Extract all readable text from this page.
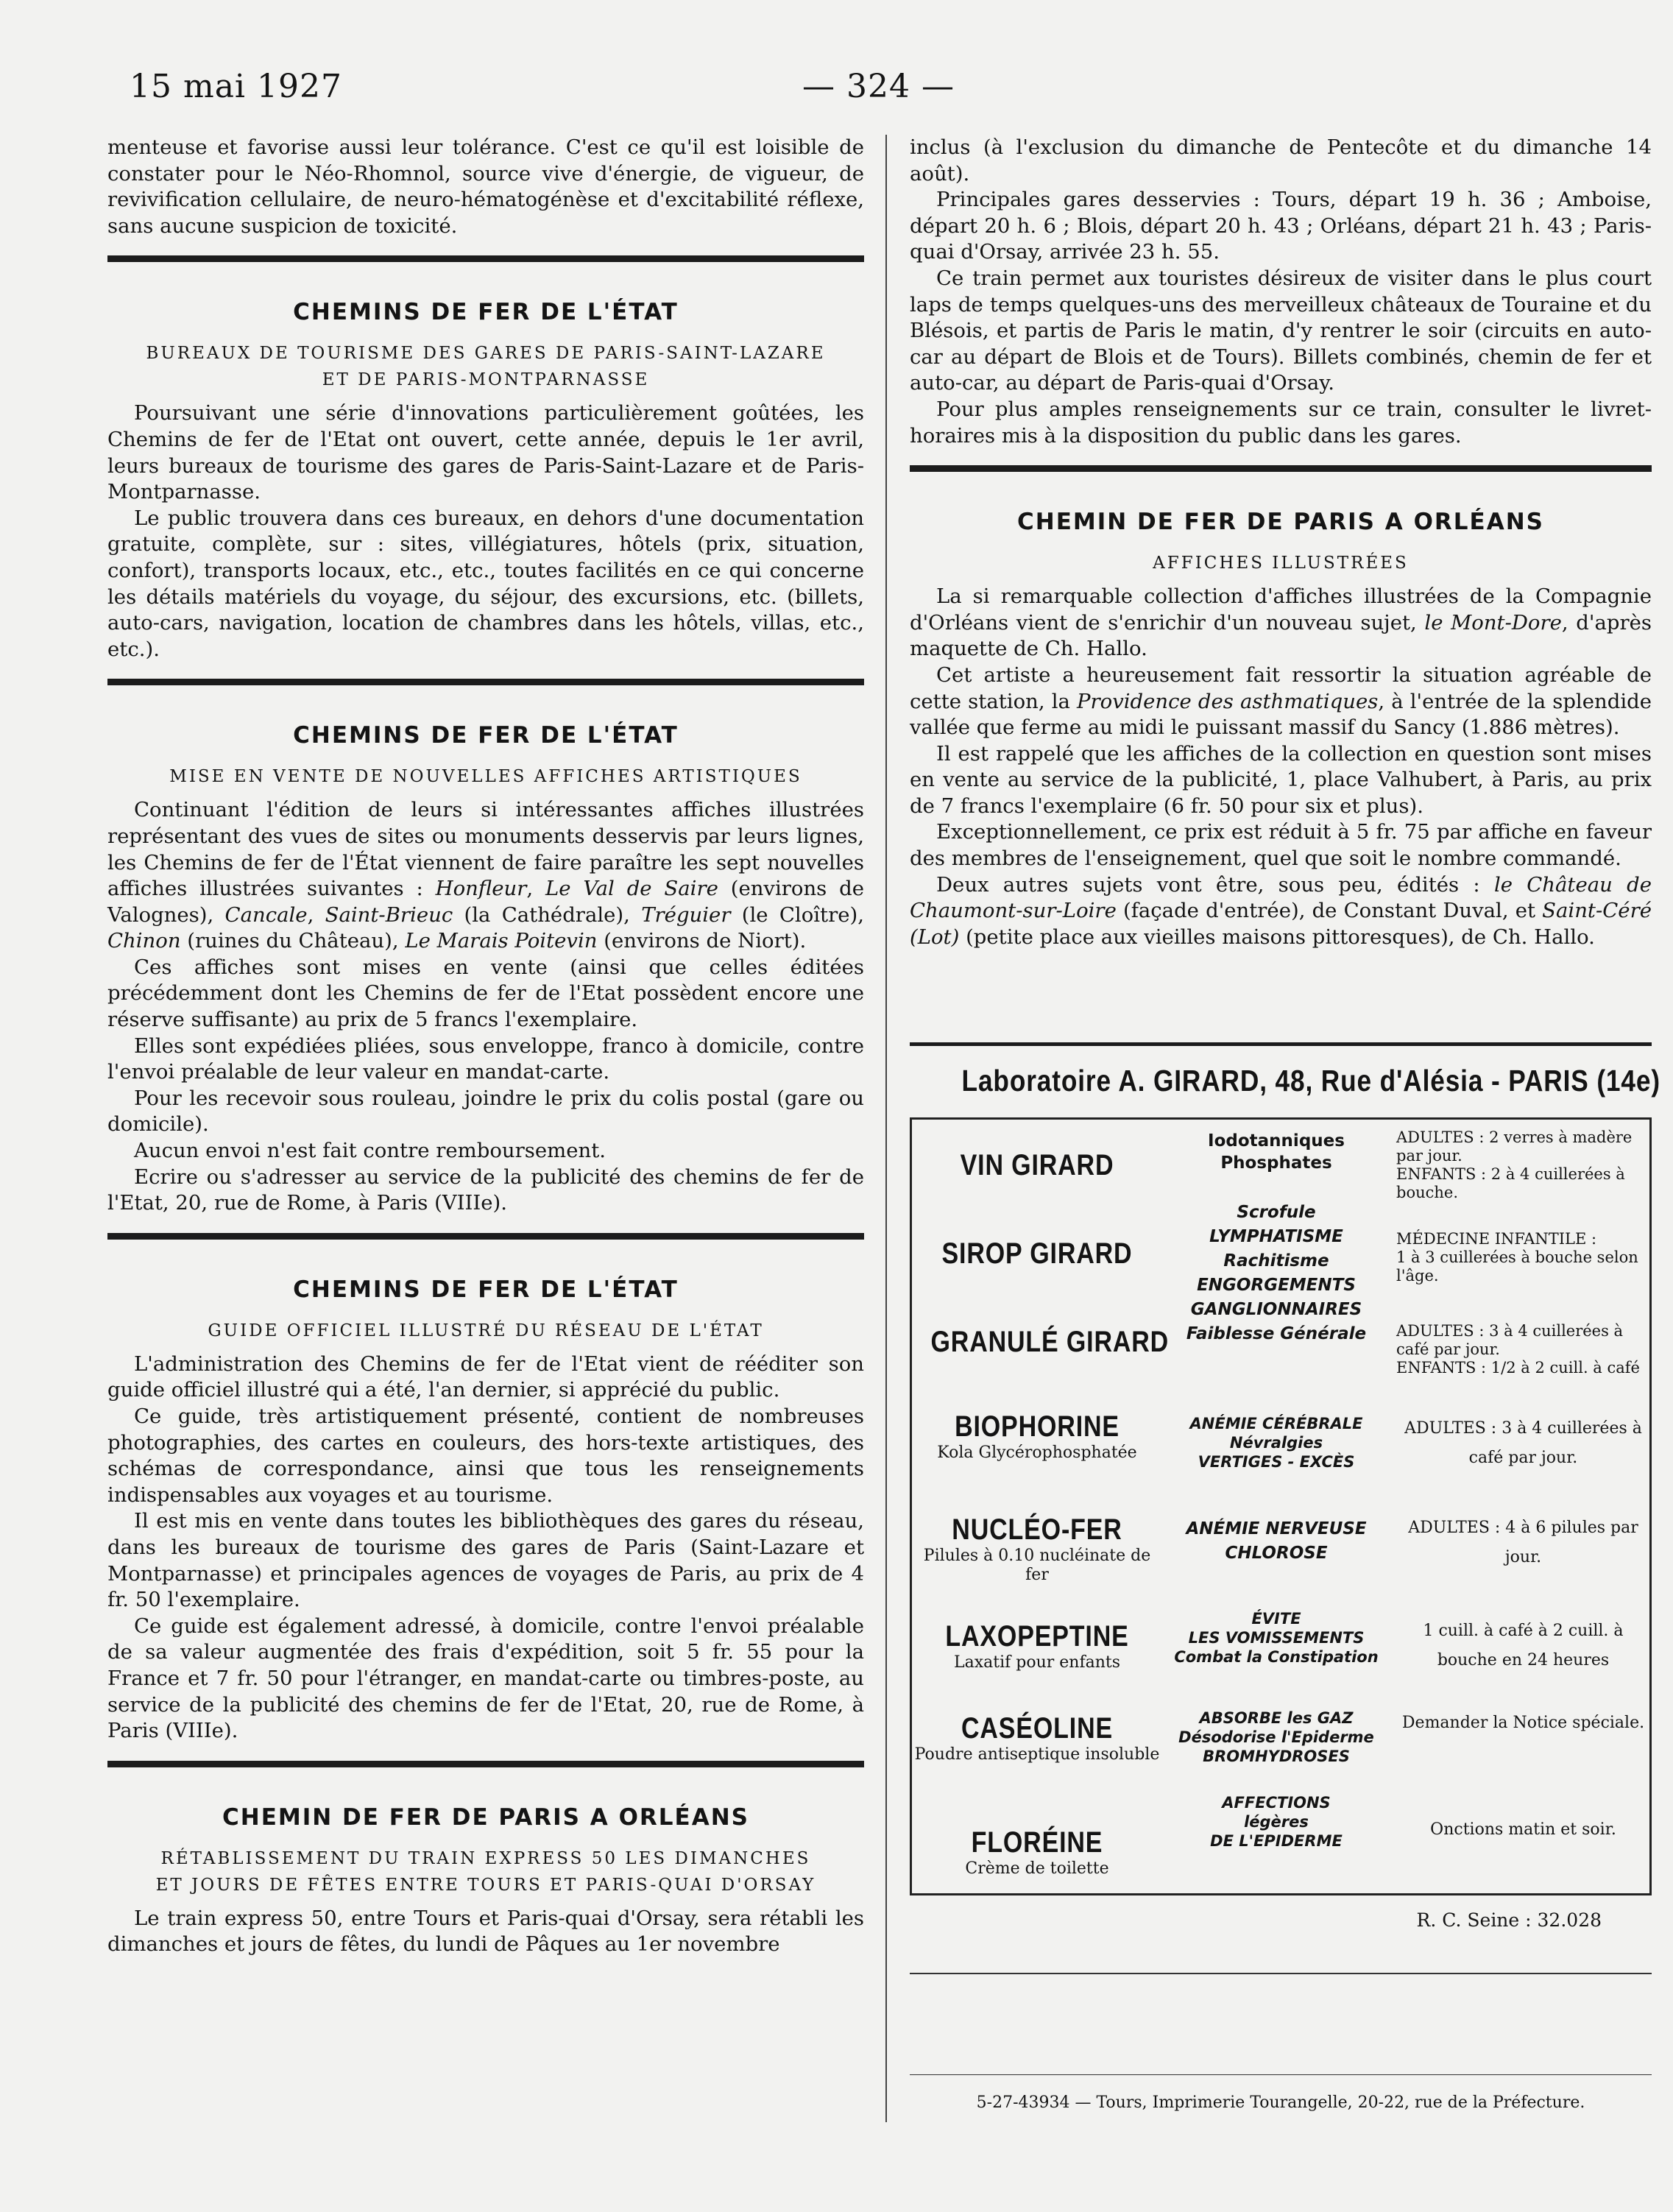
15 mai 1927	— 324 —

menteuse et favorise aussi leur tolérance. C'est ce qu'il est loisible de constater pour le Néo-Rhomnol, source vive d'énergie, de vigueur, de revivification cellulaire, de neuro-hématogénèse et d'excitabilité réflexe, sans aucune suspicion de toxicité.

CHEMINS DE FER DE L'ÉTAT
BUREAUX DE TOURISME DES GARES DE PARIS-SAINT-LAZARE
ET DE PARIS-MONTPARNASSE

Poursuivant une série d'innovations particulièrement goûtées, les Chemins de fer de l'Etat ont ouvert, cette année, depuis le 1er avril, leurs bureaux de tourisme des gares de Paris-Saint-Lazare et de Paris-Montparnasse.

Le public trouvera dans ces bureaux, en dehors d'une documentation gratuite, complète, sur : sites, villégiatures, hôtels (prix, situation, confort), transports locaux, etc., etc., toutes facilités en ce qui concerne les détails matériels du voyage, du séjour, des excursions, etc. (billets, auto-cars, navigation, location de chambres dans les hôtels, villas, etc., etc.).

CHEMINS DE FER DE L'ÉTAT
MISE EN VENTE DE NOUVELLES AFFICHES ARTISTIQUES

Continuant l'édition de leurs si intéressantes affiches illustrées représentant des vues de sites ou monuments desservis par leurs lignes, les Chemins de fer de l'État viennent de faire paraître les sept nouvelles affiches illustrées suivantes : Honfleur, Le Val de Saire (environs de Valognes), Cancale, Saint-Brieuc (la Cathédrale), Tréguier (le Cloître), Chinon (ruines du Château), Le Marais Poitevin (environs de Niort).

Ces affiches sont mises en vente (ainsi que celles éditées précédemment dont les Chemins de fer de l'Etat possèdent encore une réserve suffisante) au prix de 5 francs l'exemplaire.

Elles sont expédiées pliées, sous enveloppe, franco à domicile, contre l'envoi préalable de leur valeur en mandat-carte.

Pour les recevoir sous rouleau, joindre le prix du colis postal (gare ou domicile).

Aucun envoi n'est fait contre remboursement.

Ecrire ou s'adresser au service de la publicité des chemins de fer de l'Etat, 20, rue de Rome, à Paris (VIIIe).

CHEMINS DE FER DE L'ÉTAT
GUIDE OFFICIEL ILLUSTRÉ DU RÉSEAU DE L'ÉTAT

L'administration des Chemins de fer de l'Etat vient de rééditer son guide officiel illustré qui a été, l'an dernier, si apprécié du public.

Ce guide, très artistiquement présenté, contient de nombreuses photographies, des cartes en couleurs, des hors-texte artistiques, des schémas de correspondance, ainsi que tous les renseignements indispensables aux voyages et au tourisme.

Il est mis en vente dans toutes les bibliothèques des gares du réseau, dans les bureaux de tourisme des gares de Paris (Saint-Lazare et Montparnasse) et principales agences de voyages de Paris, au prix de 4 fr. 50 l'exemplaire.

Ce guide est également adressé, à domicile, contre l'envoi préalable de sa valeur augmentée des frais d'expédition, soit 5 fr. 55 pour la France et 7 fr. 50 pour l'étranger, en mandat-carte ou timbres-poste, au service de la publicité des chemins de fer de l'Etat, 20, rue de Rome, à Paris (VIIIe).

CHEMIN DE FER DE PARIS A ORLÉANS
RÉTABLISSEMENT DU TRAIN EXPRESS 50 LES DIMANCHES
ET JOURS DE FÊTES ENTRE TOURS ET PARIS-QUAI D'ORSAY

Le train express 50, entre Tours et Paris-quai d'Orsay, sera rétabli les dimanches et jours de fêtes, du lundi de Pâques au 1er novembre

inclus (à l'exclusion du dimanche de Pentecôte et du dimanche 14 août).

Principales gares desservies : Tours, départ 19 h. 36 ; Amboise, départ 20 h. 6 ; Blois, départ 20 h. 43 ; Orléans, départ 21 h. 43 ; Paris-quai d'Orsay, arrivée 23 h. 55.

Ce train permet aux touristes désireux de visiter dans le plus court laps de temps quelques-uns des merveilleux châteaux de Touraine et du Blésois, et partis de Paris le matin, d'y rentrer le soir (circuits en auto-car au départ de Blois et de Tours). Billets combinés, chemin de fer et auto-car, au départ de Paris-quai d'Orsay.

Pour plus amples renseignements sur ce train, consulter le livret-horaires mis à la disposition du public dans les gares.

CHEMIN DE FER DE PARIS A ORLÉANS
AFFICHES ILLUSTRÉES

La si remarquable collection d'affiches illustrées de la Compagnie d'Orléans vient de s'enrichir d'un nouveau sujet, le Mont-Dore, d'après maquette de Ch. Hallo.

Cet artiste a heureusement fait ressortir la situation agréable de cette station, la Providence des asthmatiques, à l'entrée de la splendide vallée que ferme au midi le puissant massif du Sancy (1.886 mètres).

Il est rappelé que les affiches de la collection en question sont mises en vente au service de la publicité, 1, place Valhubert, à Paris, au prix de 7 francs l'exemplaire (6 fr. 50 pour six et plus).

Exceptionnellement, ce prix est réduit à 5 fr. 75 par affiche en faveur des membres de l'enseignement, quel que soit le nombre commandé.

Deux autres sujets vont être, sous peu, édités : le Château de Chaumont-sur-Loire (façade d'entrée), de Constant Duval, et Saint-Céré (Lot) (petite place aux vieilles maisons pittoresques), de Ch. Hallo.

Laboratoire A. GIRARD, 48, Rue d'Alésia - PARIS (14e)
Iodotanniques Phosphates
VIN GIRARD
SIROP GIRARD
GRANULÉ GIRARD
BIOPHORINE
Kola Glycérophosphatée
NUCLÉO-FER
Pilules à 0.10 nucléinate de fer
LAXOPEPTINE
Laxatif pour enfants
CASÉOLINE
Poudre antiseptique insoluble
FLORÉINE
Crème de toilette
Scrofule
LYMPHATISME
Rachitisme
ENGORGEMENTS
GANGLIONNAIRES
Faiblesse Générale
ANÉMIE CÉRÉBRALE
Névralgies
VERTIGES - EXCÈS
ANÉMIE NERVEUSE
CHLOROSE
ÉVITE
LES VOMISSEMENTS
Combat la Constipation
ABSORBE les GAZ
Désodorise l'Epiderme
BROMHYDROSES
AFFECTIONS
légères
DE L'EPIDERME
ADULTES : 2 verres à madère par jour.
ENFANTS : 2 à 4 cuillerées à bouche.
MÉDECINE INFANTILE :
1 à 3 cuillerées à bouche selon l'âge.
ADULTES : 3 à 4 cuillerées à café par jour.
ENFANTS : 1/2 à 2 cuill. à café
ADULTES : 3 à 4 cuillerées à café par jour.
ADULTES : 4 à 6 pilules par jour.
1 cuill. à café à 2 cuill. à bouche en 24 heures
Demander la Notice spéciale.
Onctions matin et soir.
R. C. Seine : 32.028
5-27-43934 — Tours, Imprimerie Tourangelle, 20-22, rue de la Préfecture.
